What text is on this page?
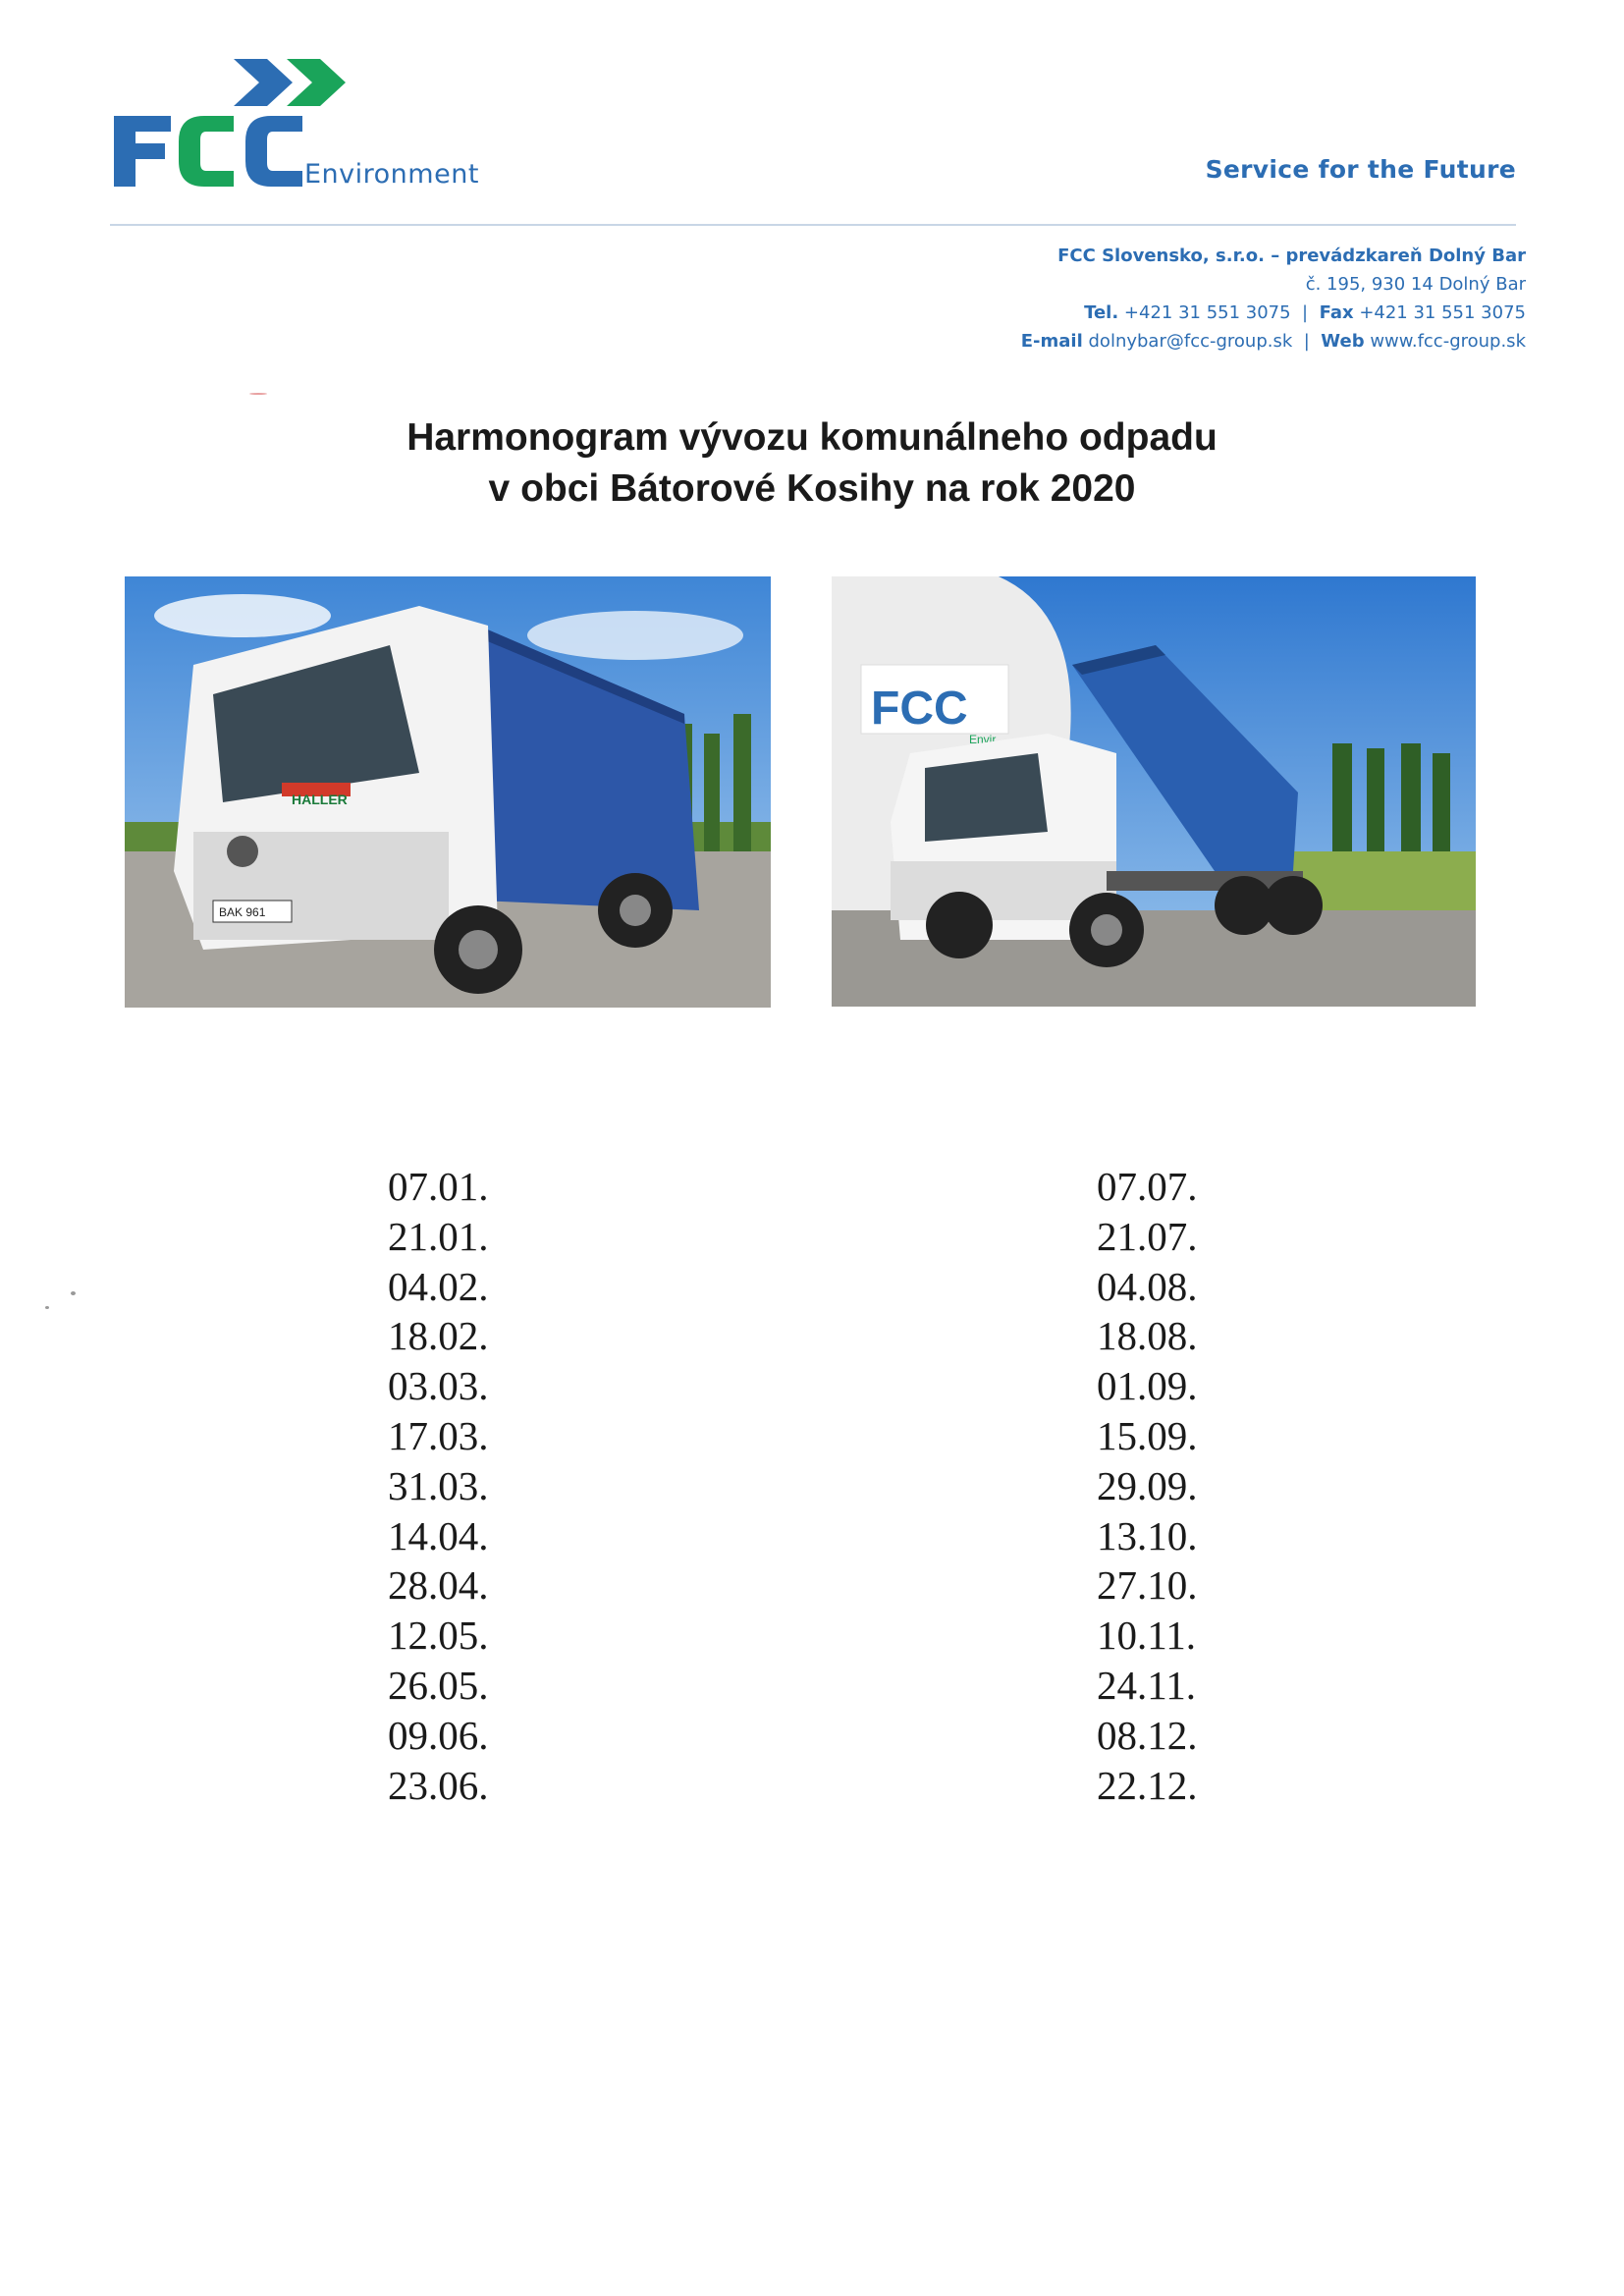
FCC
Environment	Service for the Future
FCC Slovensko, s.r.o. – prevádzkareň Dolný Bar
č. 195, 930 14 Dolný Bar
Tel. +421 31 551 3075  |  Fax +421 31 551 3075
E-mail dolnybar@fcc-group.sk  |  Web www.fcc-group.sk
Harmonogram vývozu komunálneho odpadu
v obci Bátorové Kosihy na rok 2020
HALLER
BAK 961
FCC
Envir
07.01.
21.01.
04.02.
18.02.
03.03.
17.03.
31.03.
14.04.
28.04.
12.05.
26.05.
09.06.
23.06.
07.07.
21.07.
04.08.
18.08.
01.09.
15.09.
29.09.
13.10.
27.10.
10.11.
24.11.
08.12.
22.12.
